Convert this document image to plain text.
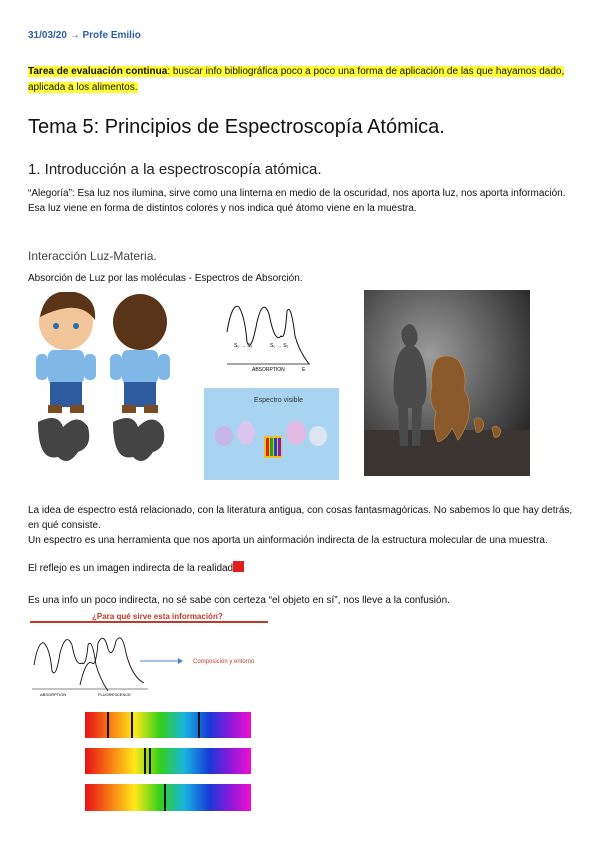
31/03/20 → Profe Emilio
Tarea de evaluación continua: buscar info bibliográfica poco a poco una forma de aplicación de las que hayamos dado, aplicada a los alimentos.
Tema 5: Principios de Espectroscopía Atómica.
1. Introducción a la espectroscopía atómica.
“Alegoría”: Esa luz nos ilumina, sirve como una linterna en medio de la oscuridad, nos aporta luz, nos aporta información. Esa luz viene en forma de distintos colores y nos indica qué átomo viene en la muestra.
Interacción Luz-Materia.
Absorción de Luz por las moléculas - Espectros de Absorción.
S₀ → S₁	S₀ → S₂
ABSORPTION	E
Espectro visible
La idea de espectro está relacionado, con la literatura antigua, con cosas fantasmagóricas. No sabemos lo que hay detrás, en qué consiste.
Un espectro es una herramienta que nos aporta un ainformación indirecta de la estructura molecular de una muestra.
El reflejo es un imagen indirecta de la realidad
Es una info un poco indirecta, no sé sabe con certeza “el objeto en sí”, nos lleve a la confusión.
¿Para qué sirve esta información?
ABSORPTION	FLUORESCENCE
Composición y entorno
